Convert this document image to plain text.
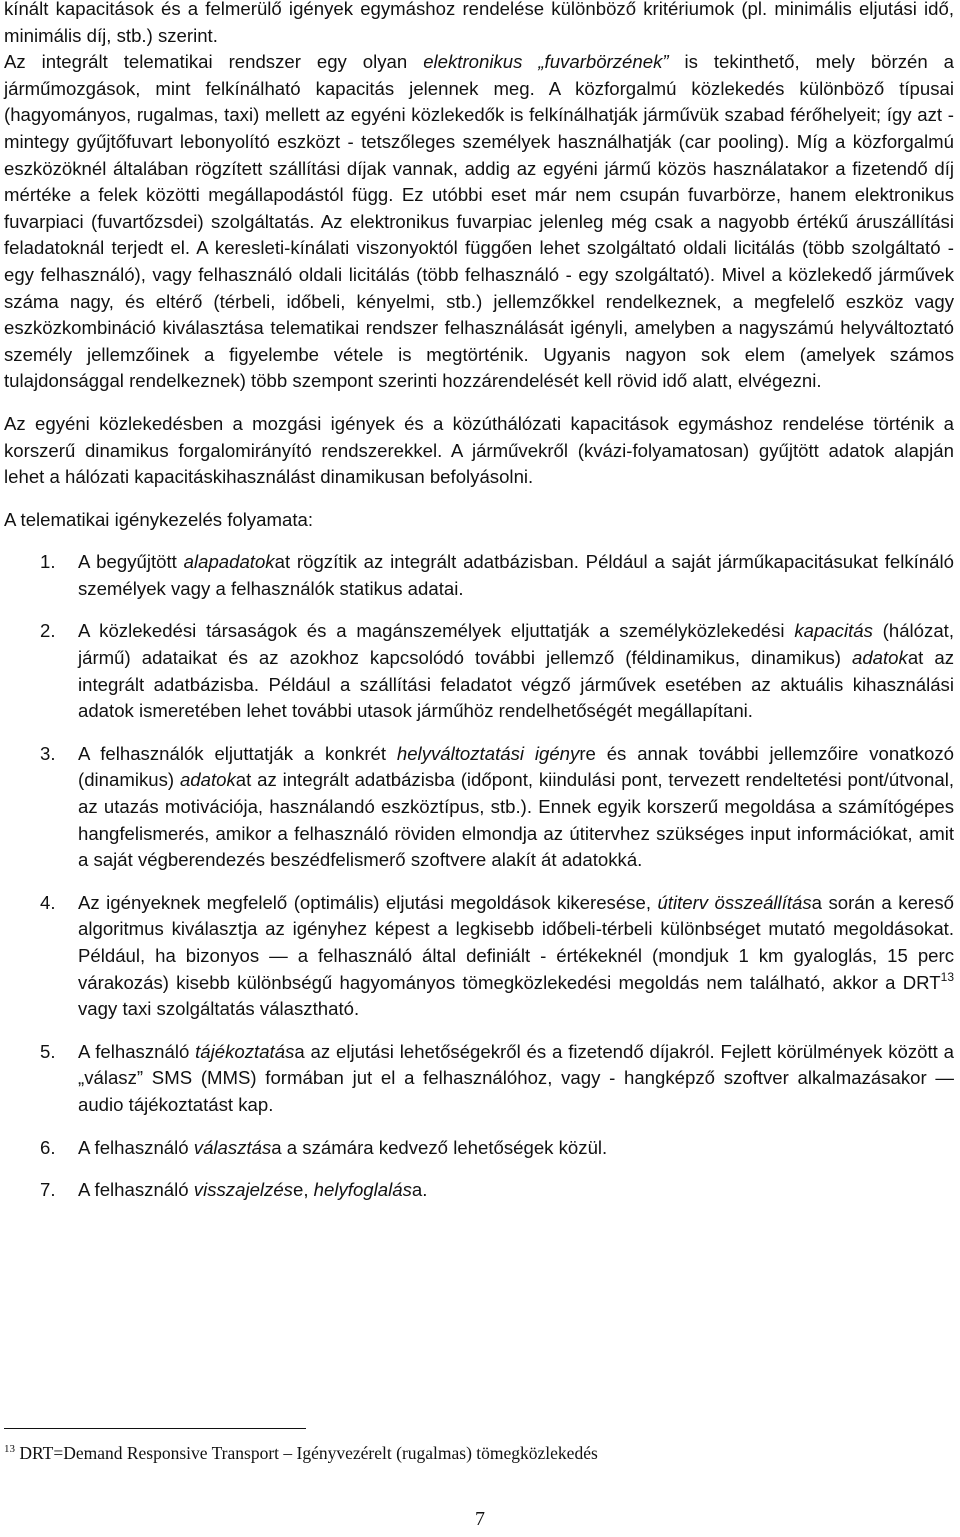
kínált kapacitások és a felmerülő igények egymáshoz rendelése különböző kritériumok (pl. minimális eljutási idő, minimális díj, stb.) szerint.

Az integrált telematikai rendszer egy olyan elektronikus „fuvarbörzének” is tekinthető, mely börzén a járműmozgások, mint felkínálható kapacitás jelennek meg. A közforgalmú közlekedés különböző típusai (hagyományos, rugalmas, taxi) mellett az egyéni közlekedők is felkínálhatják járművük szabad férőhelyeit; így azt - mintegy gyűjtőfuvart lebonyolító eszközt - tetszőleges személyek használhatják (car pooling). Míg a közforgalmú eszközöknél általában rögzített szállítási díjak vannak, addig az egyéni jármű közös használatakor a fizetendő díj mértéke a felek közötti megállapodástól függ. Ez utóbbi eset már nem csupán fuvarbörze, hanem elektronikus fuvarpiaci (fuvartőzsdei) szolgáltatás. Az elektronikus fuvarpiac jelenleg még csak a nagyobb értékű áruszállítási feladatoknál terjedt el. A keresleti-kínálati viszonyoktól függően lehet szolgáltató oldali licitálás (több szolgáltató - egy felhasználó), vagy felhasználó oldali licitálás (több felhasználó - egy szolgáltató). Mivel a közlekedő járművek száma nagy, és eltérő (térbeli, időbeli, kényelmi, stb.) jellemzőkkel rendelkeznek, a megfelelő eszköz vagy eszközkombináció kiválasztása telematikai rendszer felhasználását igényli, amelyben a nagyszámú helyváltoztató személy jellemzőinek a figyelembe vétele is megtörténik. Ugyanis nagyon sok elem (amelyek számos tulajdonsággal rendelkeznek) több szempont szerinti hozzárendelését kell rövid idő alatt, elvégezni.

Az egyéni közlekedésben a mozgási igények és a közúthálózati kapacitások egymáshoz rendelése történik a korszerű dinamikus forgalomirányító rendszerekkel. A járművekről (kvázi-folyamatosan) gyűjtött adatok alapján lehet a hálózati kapacitáskihasználást dinamikusan befolyásolni.

A telematikai igénykezelés folyamata:

1. A begyűjtött alapadatokat rögzítik az integrált adatbázisban. Például a saját járműkapacitásukat felkínáló személyek vagy a felhasználók statikus adatai.
2. A közlekedési társaságok és a magánszemélyek eljuttatják a személyközlekedési kapacitás (hálózat, jármű) adataikat és az azokhoz kapcsolódó további jellemző (féldinamikus, dinamikus) adatokat az integrált adatbázisba. Például a szállítási feladatot végző járművek esetében az aktuális kihasználási adatok ismeretében lehet további utasok járműhöz rendelhetőségét megállapítani.
3. A felhasználók eljuttatják a konkrét helyváltoztatási igényre és annak további jellemzőire vonatkozó (dinamikus) adatokat az integrált adatbázisba (időpont, kiindulási pont, tervezett rendeltetési pont/útvonal, az utazás motivációja, használandó eszköztípus, stb.). Ennek egyik korszerű megoldása a számítógépes hangfelismerés, amikor a felhasználó röviden elmondja az útitervhez szükséges input információkat, amit a saját végberendezés beszédfelismerő szoftvere alakít át adatokká.
4. Az igényeknek megfelelő (optimális) eljutási megoldások kikeresése, útiterv összeállítása során a kereső algoritmus kiválasztja az igényhez képest a legkisebb időbeli-térbeli különbséget mutató megoldásokat. Például, ha bizonyos — a felhasználó által definiált - értékeknél (mondjuk 1 km gyaloglás, 15 perc várakozás) kisebb különbségű hagyományos tömegközlekedési megoldás nem található, akkor a DRT$^{13}$ vagy taxi szolgáltatás választható.
5. A felhasználó tájékoztatása az eljutási lehetőségekről és a fizetendő díjakról. Fejlett körülmények között a „válasz” SMS (MMS) formában jut el a felhasználóhoz, vagy - hangképző szoftver alkalmazásakor — audio tájékoztatást kap.
6. A felhasználó választása a számára kedvező lehetőségek közül.
7. A felhasználó visszajelzése, helyfoglalása.
$^{13}$ DRT=Demand Responsive Transport – Igényvezérelt (rugalmas) tömegközlekedés
7
